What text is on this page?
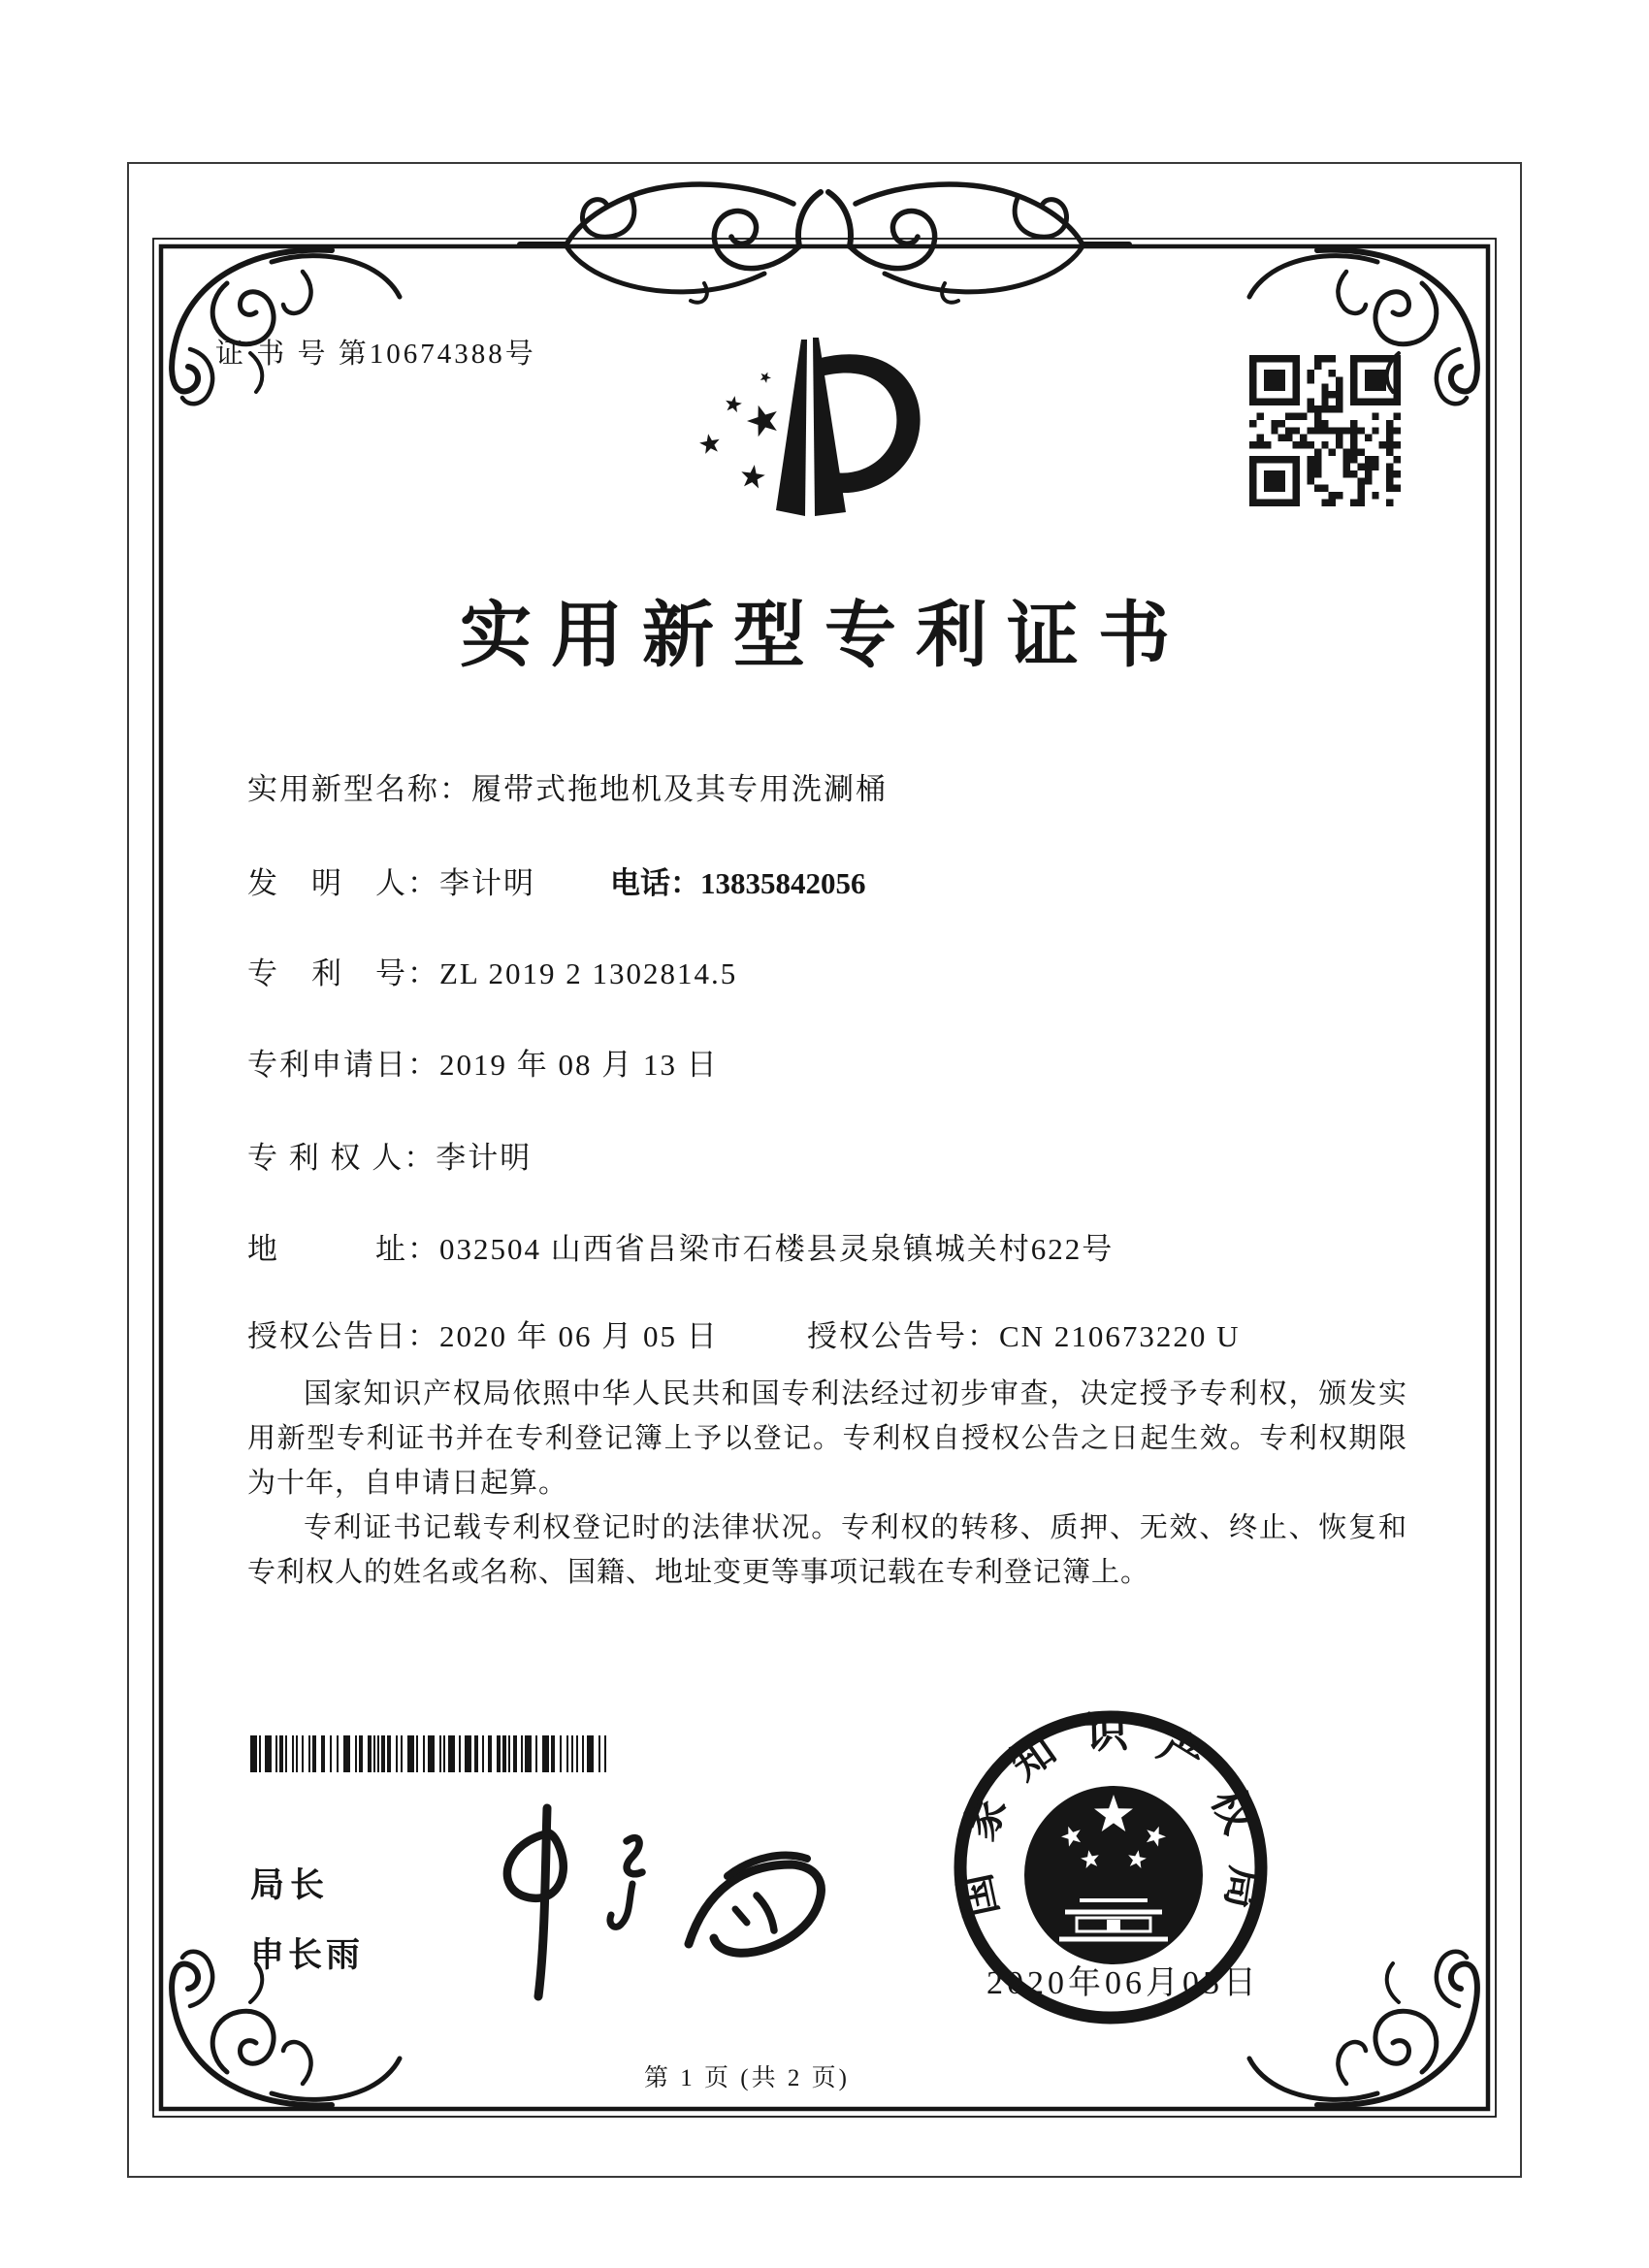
证 书 号 第10674388号
实用新型专利证书
实用新型名称：履带式拖地机及其专用洗涮桶
发　明　人：李计明 电话：13835842056
专　利　号：ZL 2019 2 1302814.5
专利申请日：2019 年 08 月 13 日
专 利 权 人：李计明
地　　　址：032504 山西省吕梁市石楼县灵泉镇城关村622号
授权公告日：2020 年 06 月 05 日	授权公告号：CN 210673220 U

国家知识产权局依照中华人民共和国专利法经过初步审查，决定授予专利权，颁发实用新型专利证书并在专利登记簿上予以登记。专利权自授权公告之日起生效。专利权期限为十年，自申请日起算。

专利证书记载专利权登记时的法律状况。专利权的转移、质押、无效、终止、恢复和专利权人的姓名或名称、国籍、地址变更等事项记载在专利登记簿上。

局长
申长雨
国家知识产权局
2020年06月05日
第 1 页 (共 2 页)
